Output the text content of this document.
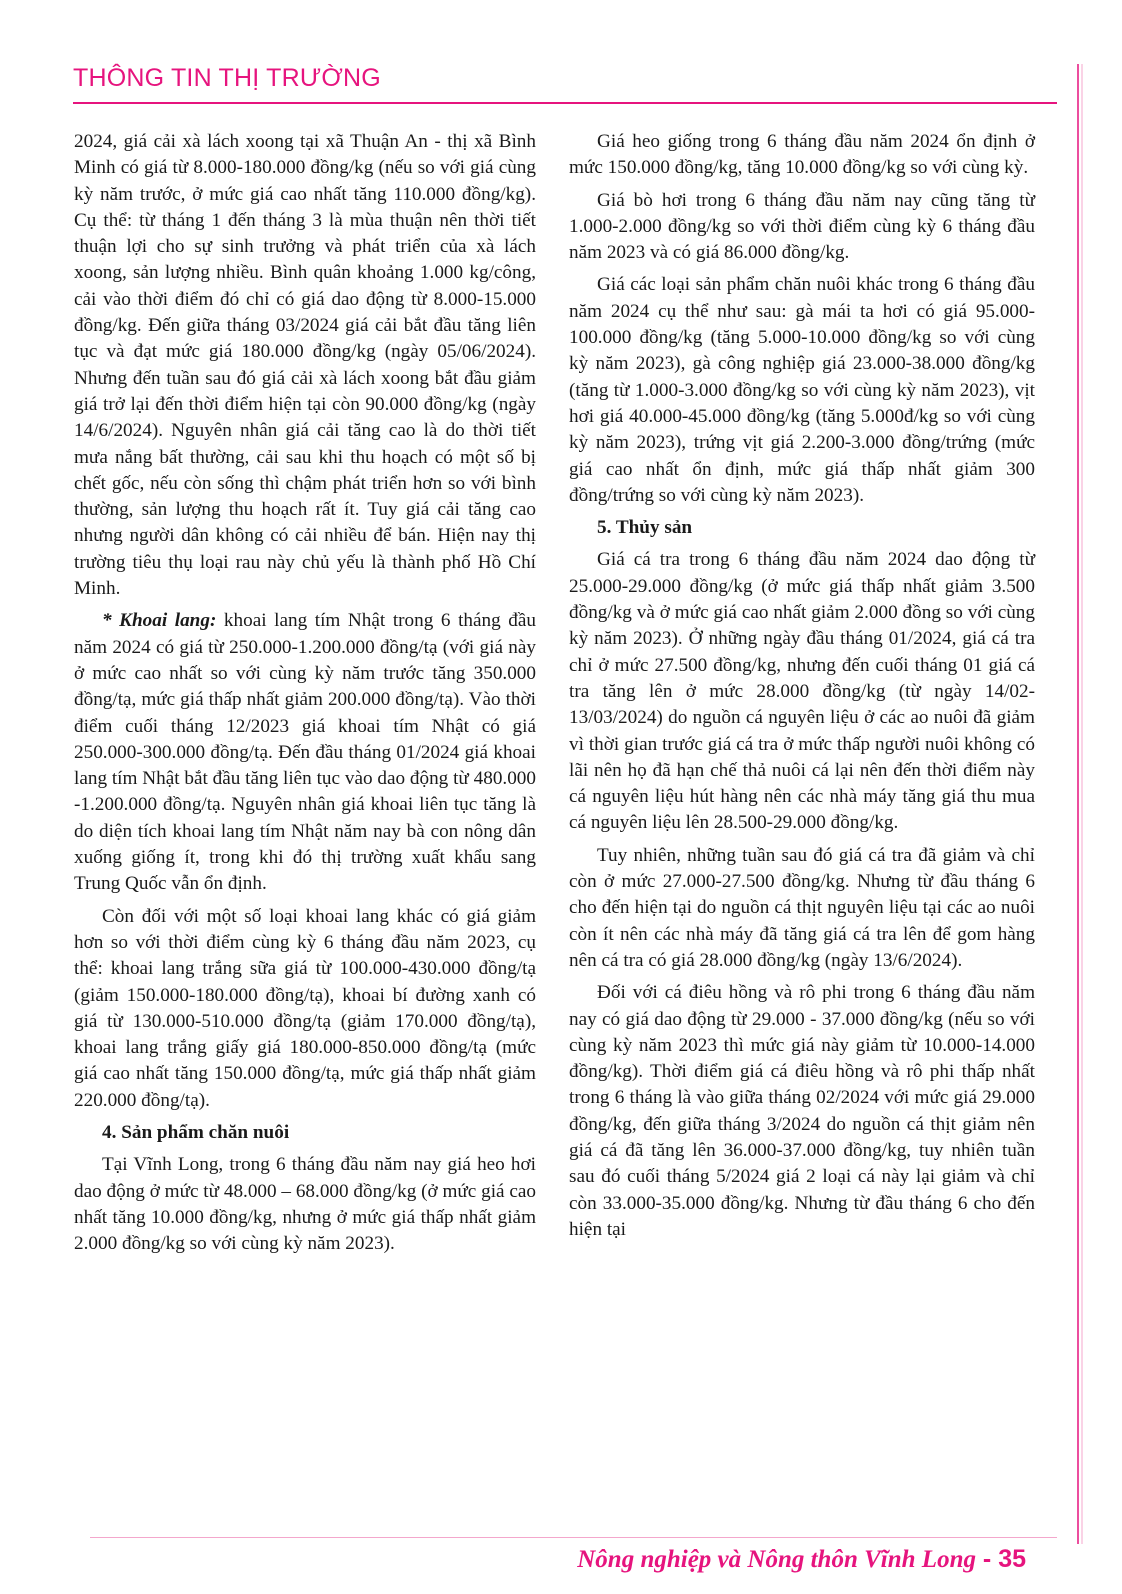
THÔNG TIN THỊ TRƯỜNG

2024, giá cải xà lách xoong tại xã Thuận An - thị xã Bình Minh có giá từ 8.000-180.000 đồng/kg (nếu so với giá cùng kỳ năm trước, ở mức giá cao nhất tăng 110.000 đồng/kg). Cụ thể: từ tháng 1 đến tháng 3 là mùa thuận nên thời tiết thuận lợi cho sự sinh trưởng và phát triển của xà lách xoong, sản lượng nhiều. Bình quân khoảng 1.000 kg/công, cải vào thời điểm đó chỉ có giá dao động từ 8.000-15.000 đồng/kg. Đến giữa tháng 03/2024 giá cải bắt đầu tăng liên tục và đạt mức giá 180.000 đồng/kg (ngày 05/06/2024). Nhưng đến tuần sau đó giá cải xà lách xoong bắt đầu giảm giá trở lại đến thời điểm hiện tại còn 90.000 đồng/kg (ngày 14/6/2024). Nguyên nhân giá cải tăng cao là do thời tiết mưa nắng bất thường, cải sau khi thu hoạch có một số bị chết gốc, nếu còn sống thì chậm phát triển hơn so với bình thường, sản lượng thu hoạch rất ít. Tuy giá cải tăng cao nhưng người dân không có cải nhiều để bán. Hiện nay thị trường tiêu thụ loại rau này chủ yếu là thành phố Hồ Chí Minh.

* Khoai lang: khoai lang tím Nhật trong 6 tháng đầu năm 2024 có giá từ 250.000-1.200.000 đồng/tạ (với giá này ở mức cao nhất so với cùng kỳ năm trước tăng 350.000 đồng/tạ, mức giá thấp nhất giảm 200.000 đồng/tạ). Vào thời điểm cuối tháng 12/2023 giá khoai tím Nhật có giá 250.000-300.000 đồng/tạ. Đến đầu tháng 01/2024 giá khoai lang tím Nhật bắt đầu tăng liên tục vào dao động từ 480.000 -1.200.000 đồng/tạ. Nguyên nhân giá khoai liên tục tăng là do diện tích khoai lang tím Nhật năm nay bà con nông dân xuống giống ít, trong khi đó thị trường xuất khẩu sang Trung Quốc vẫn ổn định.

Còn đối với một số loại khoai lang khác có giá giảm hơn so với thời điểm cùng kỳ 6 tháng đầu năm 2023, cụ thể: khoai lang trắng sữa giá từ 100.000-430.000 đồng/tạ (giảm 150.000-180.000 đồng/tạ), khoai bí đường xanh có giá từ 130.000-510.000 đồng/tạ (giảm 170.000 đồng/tạ), khoai lang trắng giấy giá 180.000-850.000 đồng/tạ (mức giá cao nhất tăng 150.000 đồng/tạ, mức giá thấp nhất giảm 220.000 đồng/tạ).

4. Sản phẩm chăn nuôi

Tại Vĩnh Long, trong 6 tháng đầu năm nay giá heo hơi dao động ở mức từ 48.000 – 68.000 đồng/kg (ở mức giá cao nhất tăng 10.000 đồng/kg, nhưng ở mức giá thấp nhất giảm 2.000 đồng/kg so với cùng kỳ năm 2023).

Giá heo giống trong 6 tháng đầu năm 2024 ổn định ở mức 150.000 đồng/kg, tăng 10.000 đồng/kg so với cùng kỳ.

Giá bò hơi trong 6 tháng đầu năm nay cũng tăng từ 1.000-2.000 đồng/kg so với thời điểm cùng kỳ 6 tháng đầu năm 2023 và có giá 86.000 đồng/kg.

Giá các loại sản phẩm chăn nuôi khác trong 6 tháng đầu năm 2024 cụ thể như sau: gà mái ta hơi có giá 95.000-100.000 đồng/kg (tăng 5.000-10.000 đồng/kg so với cùng kỳ năm 2023), gà công nghiệp giá 23.000-38.000 đồng/kg (tăng từ 1.000-3.000 đồng/kg so với cùng kỳ năm 2023), vịt hơi giá 40.000-45.000 đồng/kg (tăng 5.000đ/kg so với cùng kỳ năm 2023), trứng vịt giá 2.200-3.000 đồng/trứng (mức giá cao nhất ổn định, mức giá thấp nhất giảm 300 đồng/trứng so với cùng kỳ năm 2023).

5. Thủy sản

Giá cá tra trong 6 tháng đầu năm 2024 dao động từ 25.000-29.000 đồng/kg (ở mức giá thấp nhất giảm 3.500 đồng/kg và ở mức giá cao nhất giảm 2.000 đồng so với cùng kỳ năm 2023). Ở những ngày đầu tháng 01/2024, giá cá tra chỉ ở mức 27.500 đồng/kg, nhưng đến cuối tháng 01 giá cá tra tăng lên ở mức 28.000 đồng/kg (từ ngày 14/02-13/03/2024) do nguồn cá nguyên liệu ở các ao nuôi đã giảm vì thời gian trước giá cá tra ở mức thấp người nuôi không có lãi nên họ đã hạn chế thả nuôi cá lại nên đến thời điểm này cá nguyên liệu hút hàng nên các nhà máy tăng giá thu mua cá nguyên liệu lên 28.500-29.000 đồng/kg.

Tuy nhiên, những tuần sau đó giá cá tra đã giảm và chỉ còn ở mức 27.000-27.500 đồng/kg. Nhưng từ đầu tháng 6 cho đến hiện tại do nguồn cá thịt nguyên liệu tại các ao nuôi còn ít nên các nhà máy đã tăng giá cá tra lên để gom hàng nên cá tra có giá 28.000 đồng/kg (ngày 13/6/2024).

Đối với cá điêu hồng và rô phi trong 6 tháng đầu năm nay có giá dao động từ 29.000 - 37.000 đồng/kg (nếu so với cùng kỳ năm 2023 thì mức giá này giảm từ 10.000-14.000 đồng/kg). Thời điểm giá cá điêu hồng và rô phi thấp nhất trong 6 tháng là vào giữa tháng 02/2024 với mức giá 29.000 đồng/kg, đến giữa tháng 3/2024 do nguồn cá thịt giảm nên giá cá đã tăng lên 36.000-37.000 đồng/kg, tuy nhiên tuần sau đó cuối tháng 5/2024 giá 2 loại cá này lại giảm và chỉ còn 33.000-35.000 đồng/kg. Nhưng từ đầu tháng 6 cho đến hiện tại

Nông nghiệp và Nông thôn Vĩnh Long - 35
